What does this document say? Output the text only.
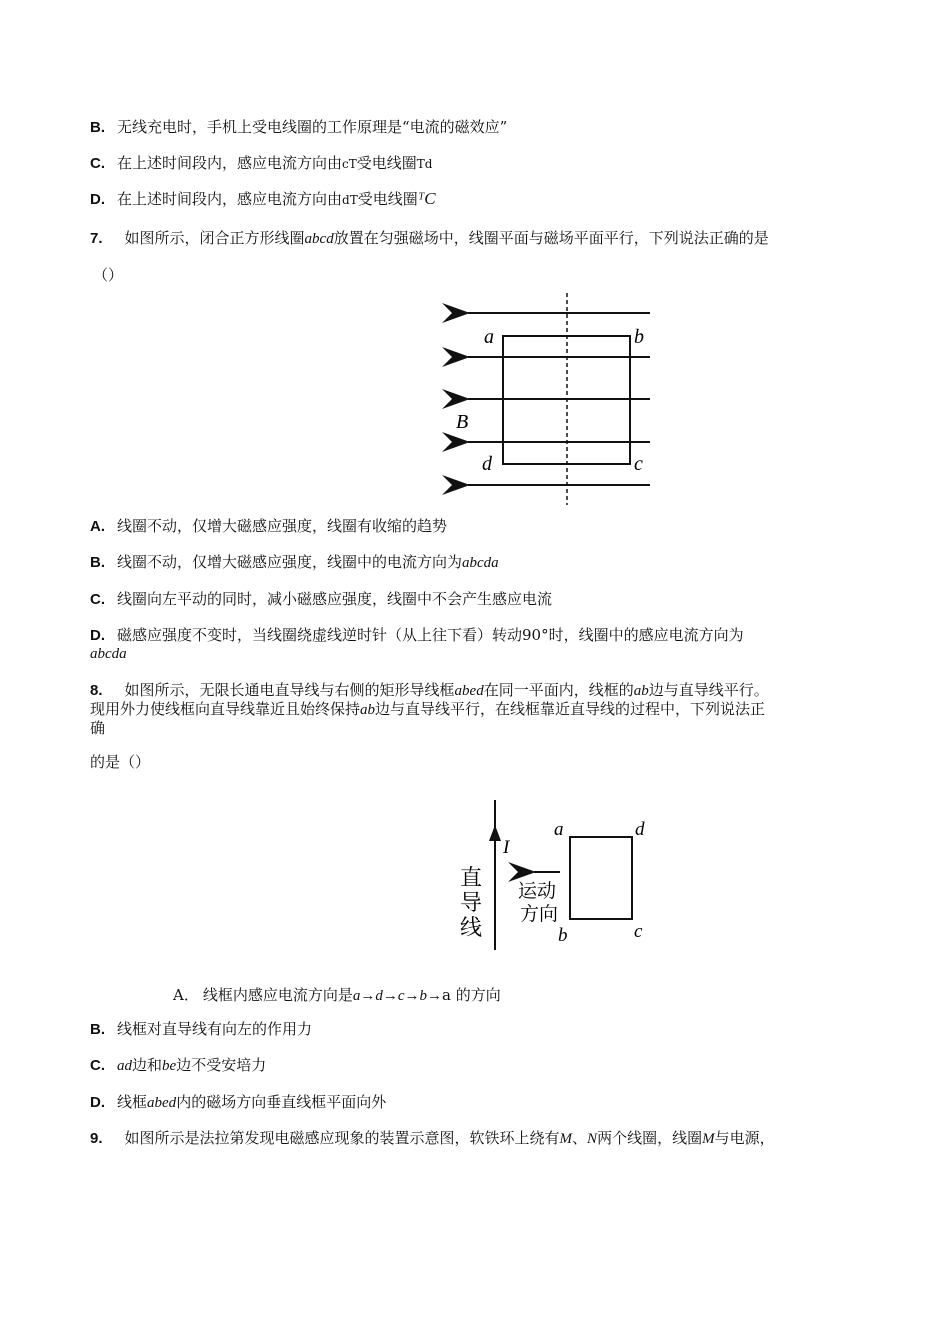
B. 无线充电时，手机上受电线圈的工作原理是“电流的磁效应”
C. 在上述时间段内，感应电流方向由cT受电线圈Td
D. 在上述时间段内，感应电流方向由dT受电线圈ᵀC
7. 如图所示，闭合正方形线圈abcd放置在匀强磁场中，线圈平面与磁场平面平行，下列说法正确的是
（）
a	b
c
d
B
A. 线圈不动，仅增大磁感应强度，线圈有收缩的趋势
B. 线圈不动，仅增大磁感应强度，线圈中的电流方向为abcda
C. 线圈向左平动的同时，减小磁感应强度，线圈中不会产生感应电流
D. 磁感应强度不变时，当线圈绕虚线逆时针（从上往下看）转动90°时，线圈中的感应电流方向为
abcda
8. 如图所示，无限长通电直导线与右侧的矩形导线框abed在同一平面内，线框的ab边与直导线平行。
现用外力使线框向直导线靠近且始终保持ab边与直导线平行，在线框靠近直导线的过程中，下列说法正
确
的是（）
I
直
导
线
运动
方向
a	d
b	c
A． 线框内感应电流方向是a→d→c→b→a 的方向
B. 线框对直导线有向左的作用力
C. ad边和be边不受安培力
D. 线框abed内的磁场方向垂直线框平面向外
9. 如图所示是法拉第发现电磁感应现象的装置示意图，软铁环上绕有M、N两个线圈，线圈M与电源，
